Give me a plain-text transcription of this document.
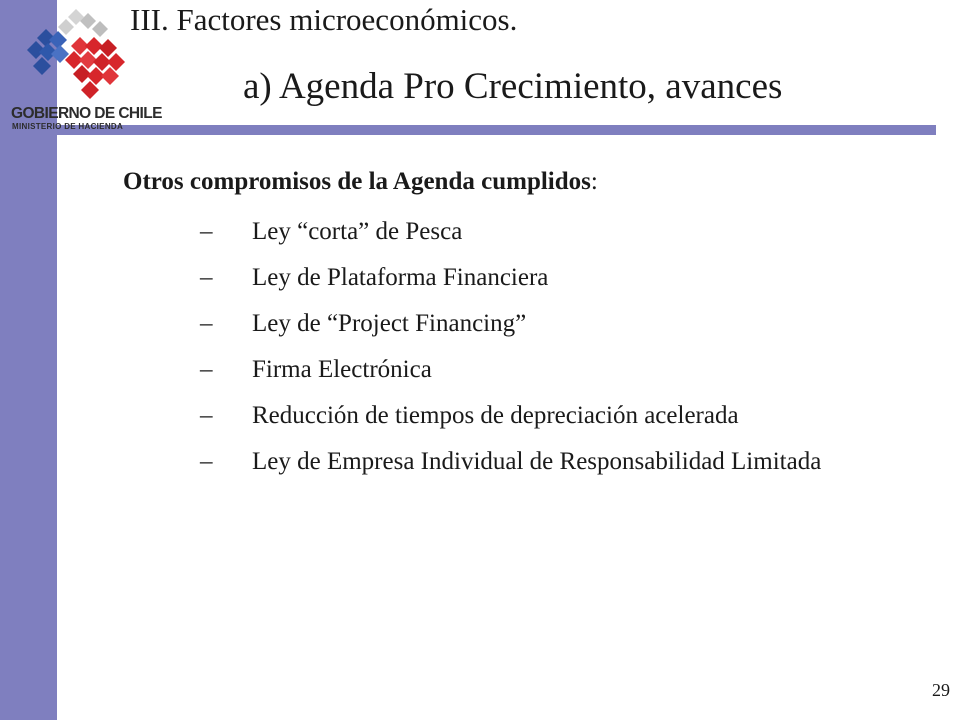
GOBIERNO DE CHILE
MINISTERIO DE HACIENDA
III. Factores microeconómicos.
a) Agenda Pro Crecimiento, avances
Otros compromisos de la Agenda cumplidos:
– Ley “corta” de Pesca
– Ley de Plataforma Financiera
– Ley de “Project Financing”
– Firma Electrónica
– Reducción de tiempos de depreciación acelerada
– Ley de Empresa Individual de Responsabilidad Limitada
29
